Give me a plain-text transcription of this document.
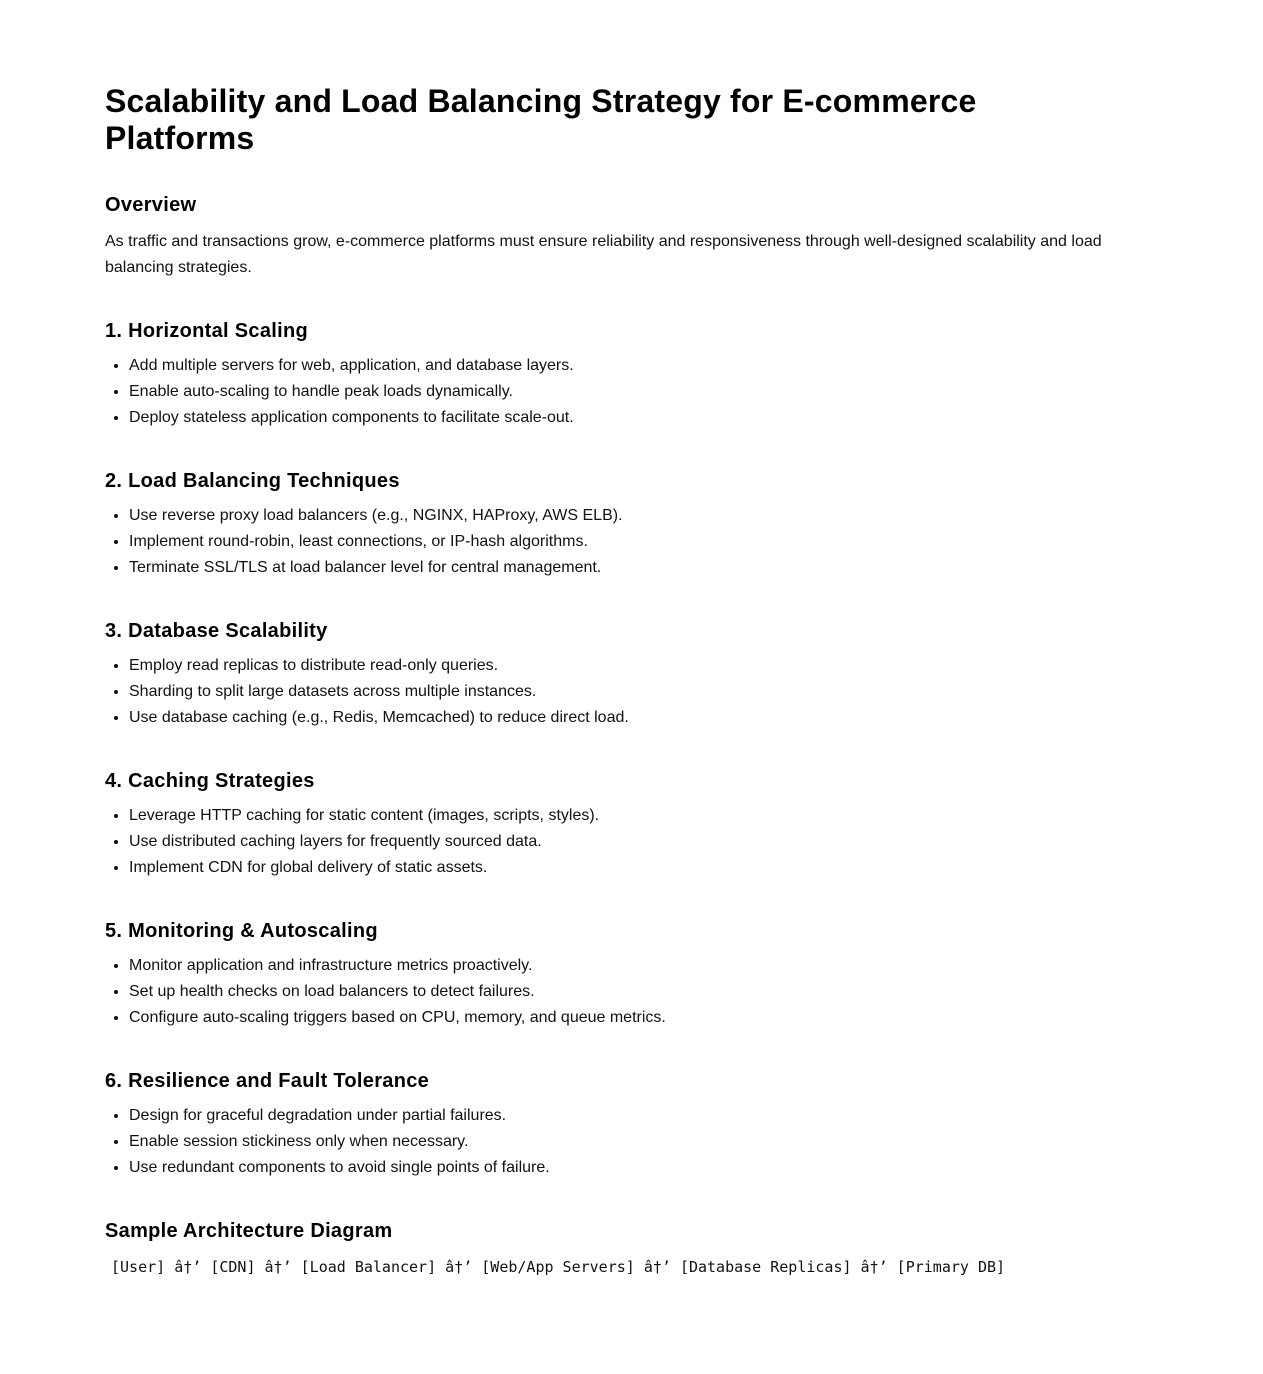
Scalability and Load Balancing Strategy for E-commerce Platforms
Overview

As traffic and transactions grow, e-commerce platforms must ensure reliability and responsiveness through well-designed scalability and load balancing strategies.

1. Horizontal Scaling
• Add multiple servers for web, application, and database layers.
• Enable auto-scaling to handle peak loads dynamically.
• Deploy stateless application components to facilitate scale-out.
2. Load Balancing Techniques
• Use reverse proxy load balancers (e.g., NGINX, HAProxy, AWS ELB).
• Implement round-robin, least connections, or IP-hash algorithms.
• Terminate SSL/TLS at load balancer level for central management.
3. Database Scalability
• Employ read replicas to distribute read-only queries.
• Sharding to split large datasets across multiple instances.
• Use database caching (e.g., Redis, Memcached) to reduce direct load.
4. Caching Strategies
• Leverage HTTP caching for static content (images, scripts, styles).
• Use distributed caching layers for frequently sourced data.
• Implement CDN for global delivery of static assets.
5. Monitoring & Autoscaling
• Monitor application and infrastructure metrics proactively.
• Set up health checks on load balancers to detect failures.
• Configure auto-scaling triggers based on CPU, memory, and queue metrics.
6. Resilience and Fault Tolerance
• Design for graceful degradation under partial failures.
• Enable session stickiness only when necessary.
• Use redundant components to avoid single points of failure.
Sample Architecture Diagram
[User] â†’ [CDN] â†’ [Load Balancer] â†’ [Web/App Servers] â†’ [Database Replicas] â†’ [Primary DB]
